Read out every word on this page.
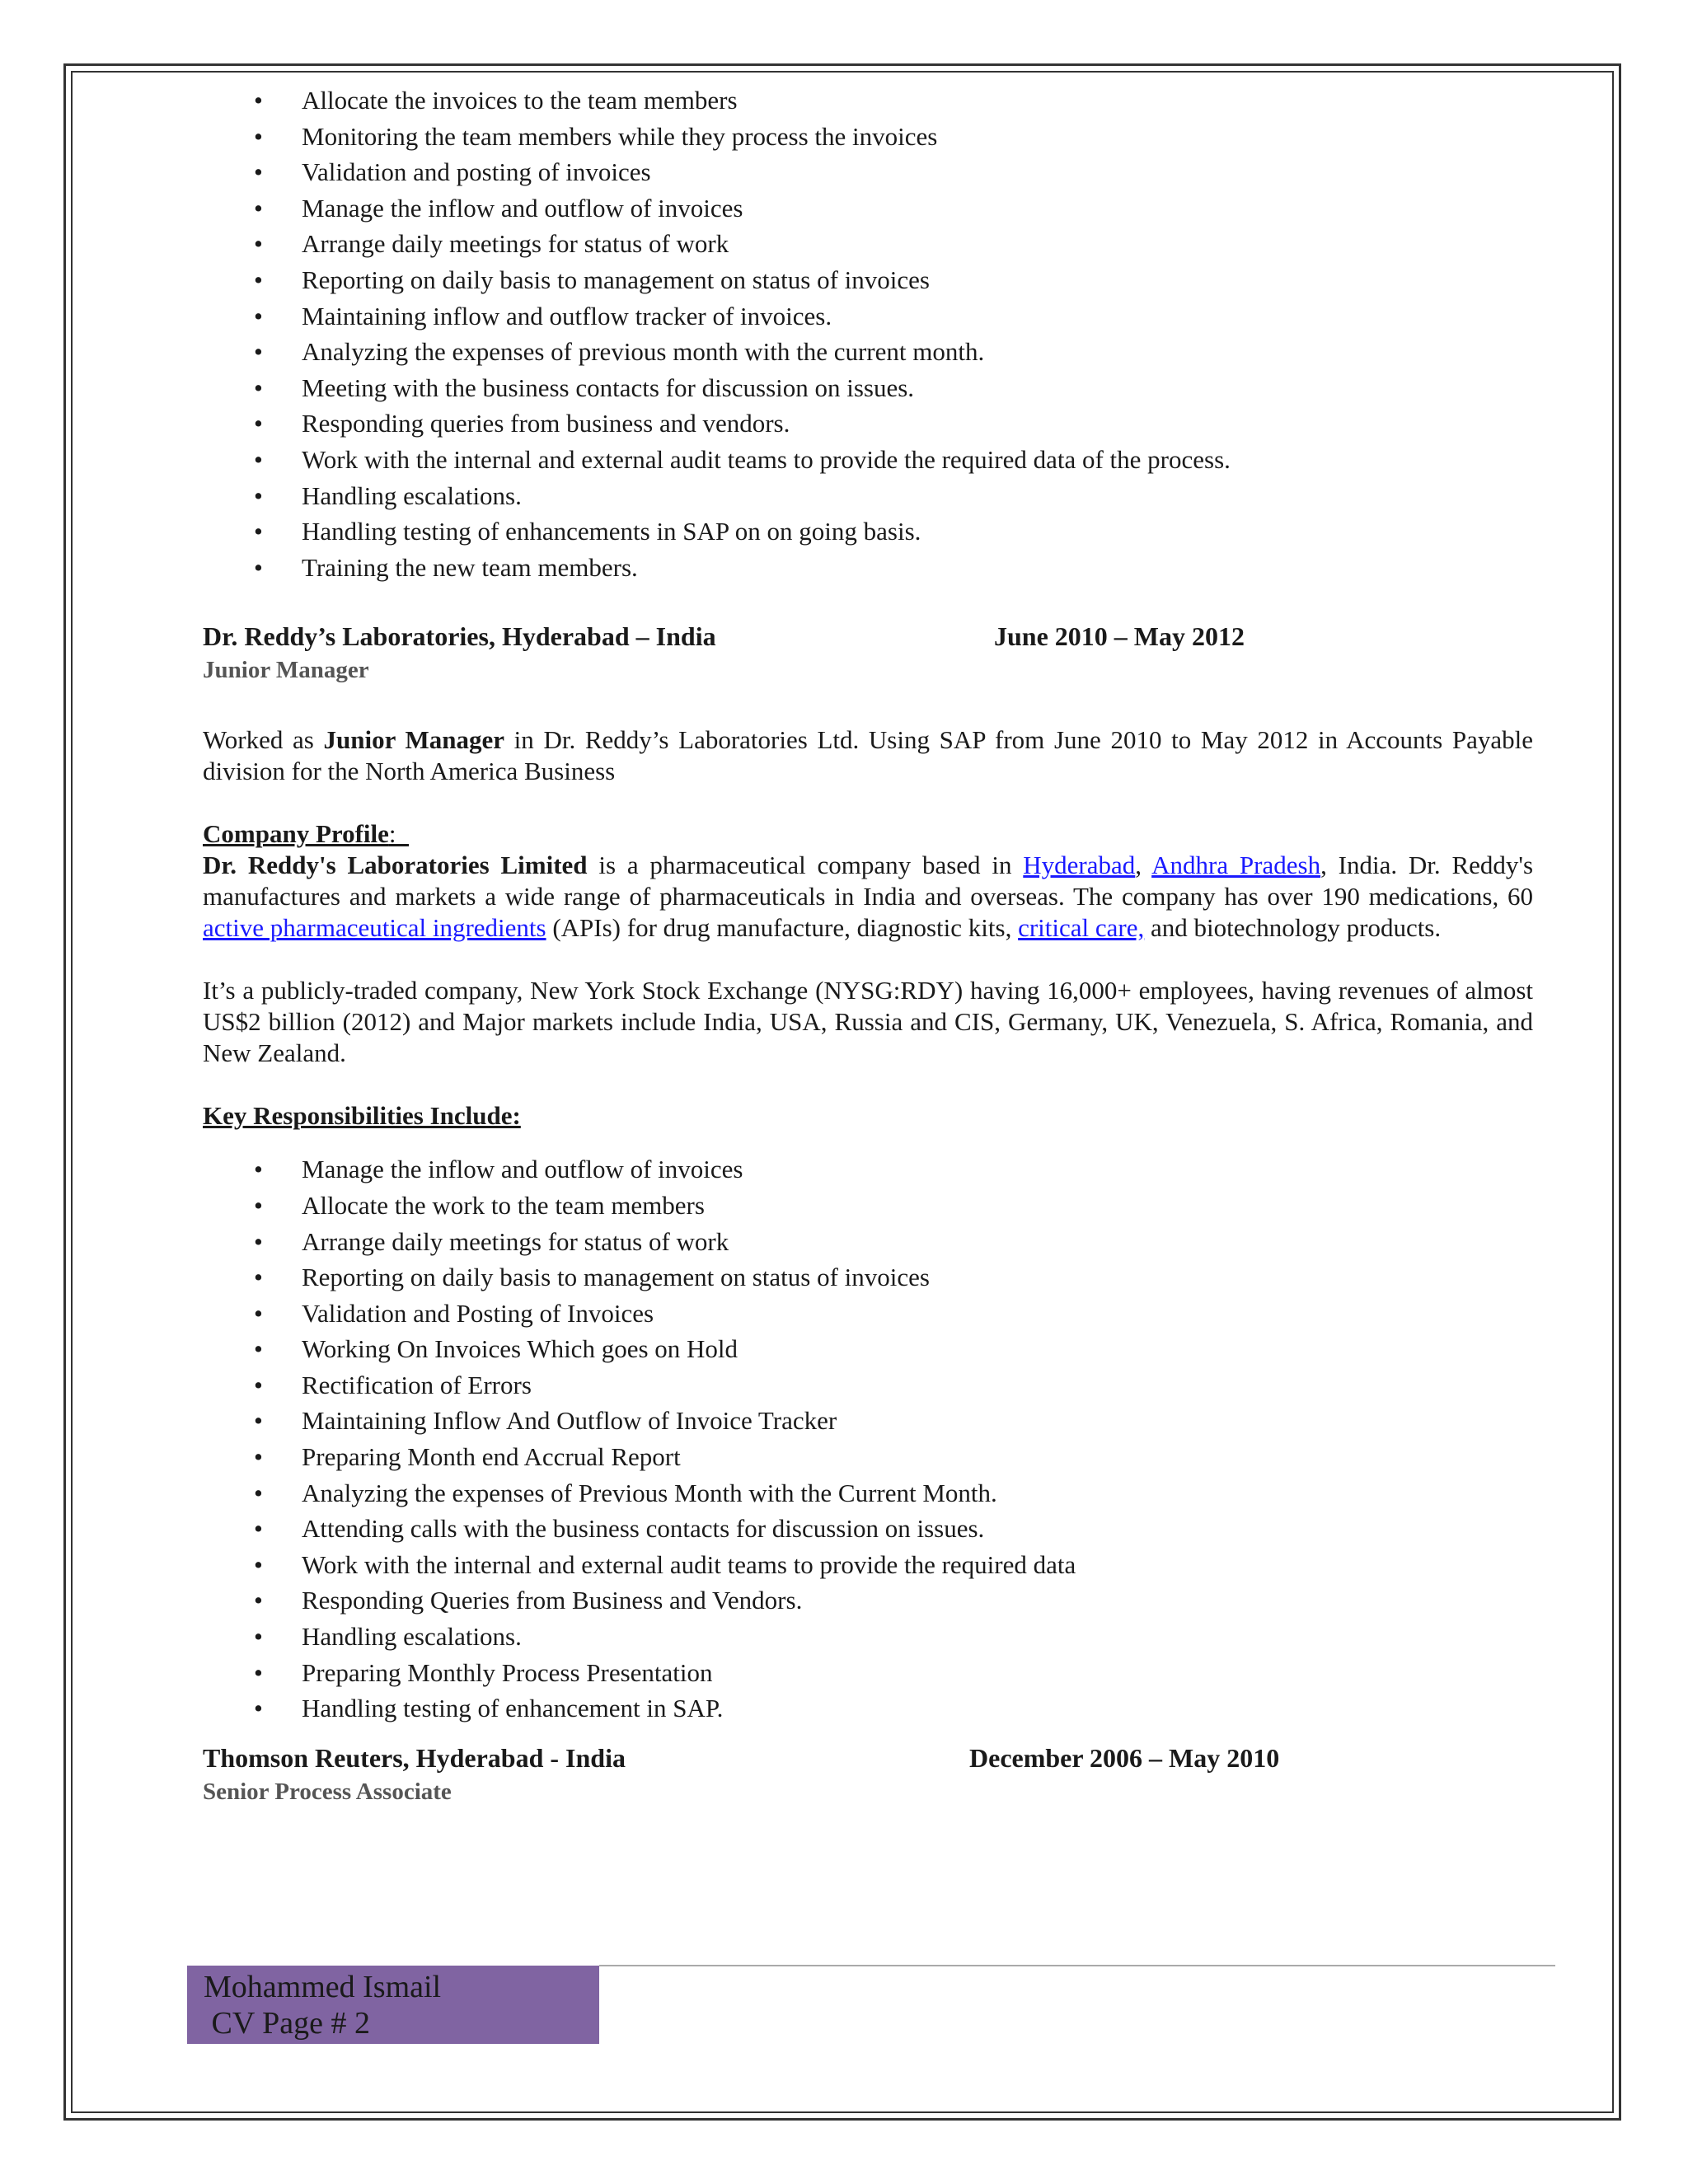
• Allocate the invoices to the team members
• Monitoring the team members while they process the invoices
• Validation and posting of invoices
• Manage the inflow and outflow of invoices
• Arrange daily meetings for status of work
• Reporting on daily basis to management on status of invoices
• Maintaining inflow and outflow tracker of invoices.
• Analyzing the expenses of previous month with the current month.
• Meeting with the business contacts for discussion on issues.
• Responding queries from business and vendors.
• Work with the internal and external audit teams to provide the required data of the process.
• Handling escalations.
• Handling testing of enhancements in SAP on on going basis.
• Training the new team members.
Dr. Reddy’s Laboratories, Hyderabad – India	June 2010 – May 2012
Junior Manager

Worked as Junior Manager in Dr. Reddy’s Laboratories Ltd. Using SAP from June 2010 to May 2012 in Accounts Payable division for the North America Business

Company Profile:

Dr. Reddy's Laboratories Limited is a pharmaceutical company based in Hyderabad, Andhra Pradesh, India. Dr. Reddy's manufactures and markets a wide range of pharmaceuticals in India and overseas. The company has over 190 medications, 60 active pharmaceutical ingredients (APIs) for drug manufacture, diagnostic kits, critical care, and biotechnology products.

It’s a publicly-traded company, New York Stock Exchange (NYSG:RDY) having 16,000+ employees, having revenues of almost US$2 billion (2012) and Major markets include India, USA, Russia and CIS, Germany, UK, Venezuela, S. Africa, Romania, and New Zealand.

Key Responsibilities Include:
• Manage the inflow and outflow of invoices
• Allocate the work to the team members
• Arrange daily meetings for status of work
• Reporting on daily basis to management on status of invoices
• Validation and Posting of Invoices
• Working On Invoices Which goes on Hold
• Rectification of Errors
• Maintaining Inflow And Outflow of Invoice Tracker
• Preparing Month end Accrual Report
• Analyzing the expenses of Previous Month with the Current Month.
• Attending calls with the business contacts for discussion on issues.
• Work with the internal and external audit teams to provide the required data
• Responding Queries from Business and Vendors.
• Handling escalations.
• Preparing Monthly Process Presentation
• Handling testing of enhancement in SAP.
Thomson Reuters, Hyderabad - India	December 2006 – May 2010
Senior Process Associate
Mohammed Ismail
CV Page # 2
